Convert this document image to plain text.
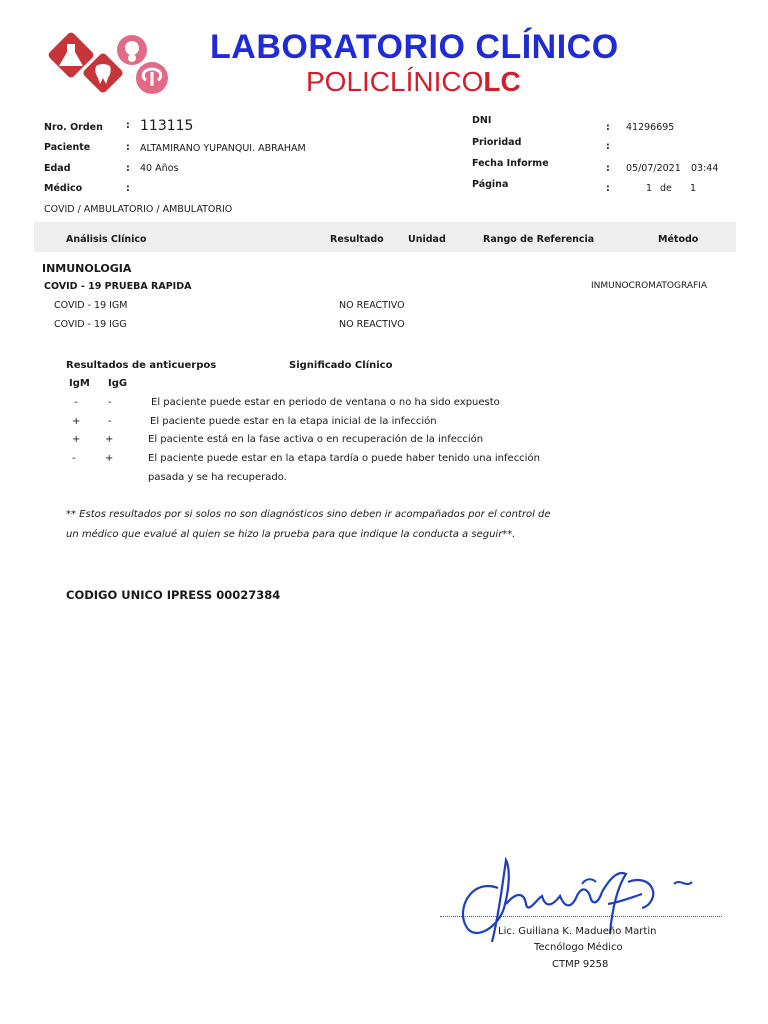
LABORATORIO CLÍNICO
POLICLÍNICOLC
Nro. Orden : 113115
Paciente	: ALTAMIRANO YUPANQUI. ABRAHAM
Edad	: 40 Años
Médico	:
DNI
: 41296695
Prioridad	:
Fecha Informe	: 05/07/2021 03:44
Página	:	1 de 1
COVID / AMBULATORIO / AMBULATORIO
Análisis Clínico	Resultado	Unidad	Rango de Referencia	Método
INMUNOLOGIA
COVID - 19 PRUEBA RAPIDA	INMUNOCROMATOGRAFIA
COVID - 19 IGM	NO REACTIVO
COVID - 19 IGG	NO REACTIVO
Resultados de anticuerpos	Significado Clínico
IgM IgG
-	-	El paciente puede estar en periodo de ventana o no ha sido expuesto
+	-	El paciente puede estar en la etapa inicial de la infección
+ +	El paciente está en la fase activa o en recuperación de la infección
-	+	El paciente puede estar en la etapa tardía o puede haber tenido una infección
pasada y se ha recuperado.
** Estos resultados por si solos no son diagnósticos sino deben ir acompañados por el control de
un médico que evalué al quien se hizo la prueba para que indique la conducta a seguir**.
CODIGO UNICO IPRESS 00027384
Lic. Guiliana K. Madueño Martin
Tecnólogo Médico
CTMP 9258
